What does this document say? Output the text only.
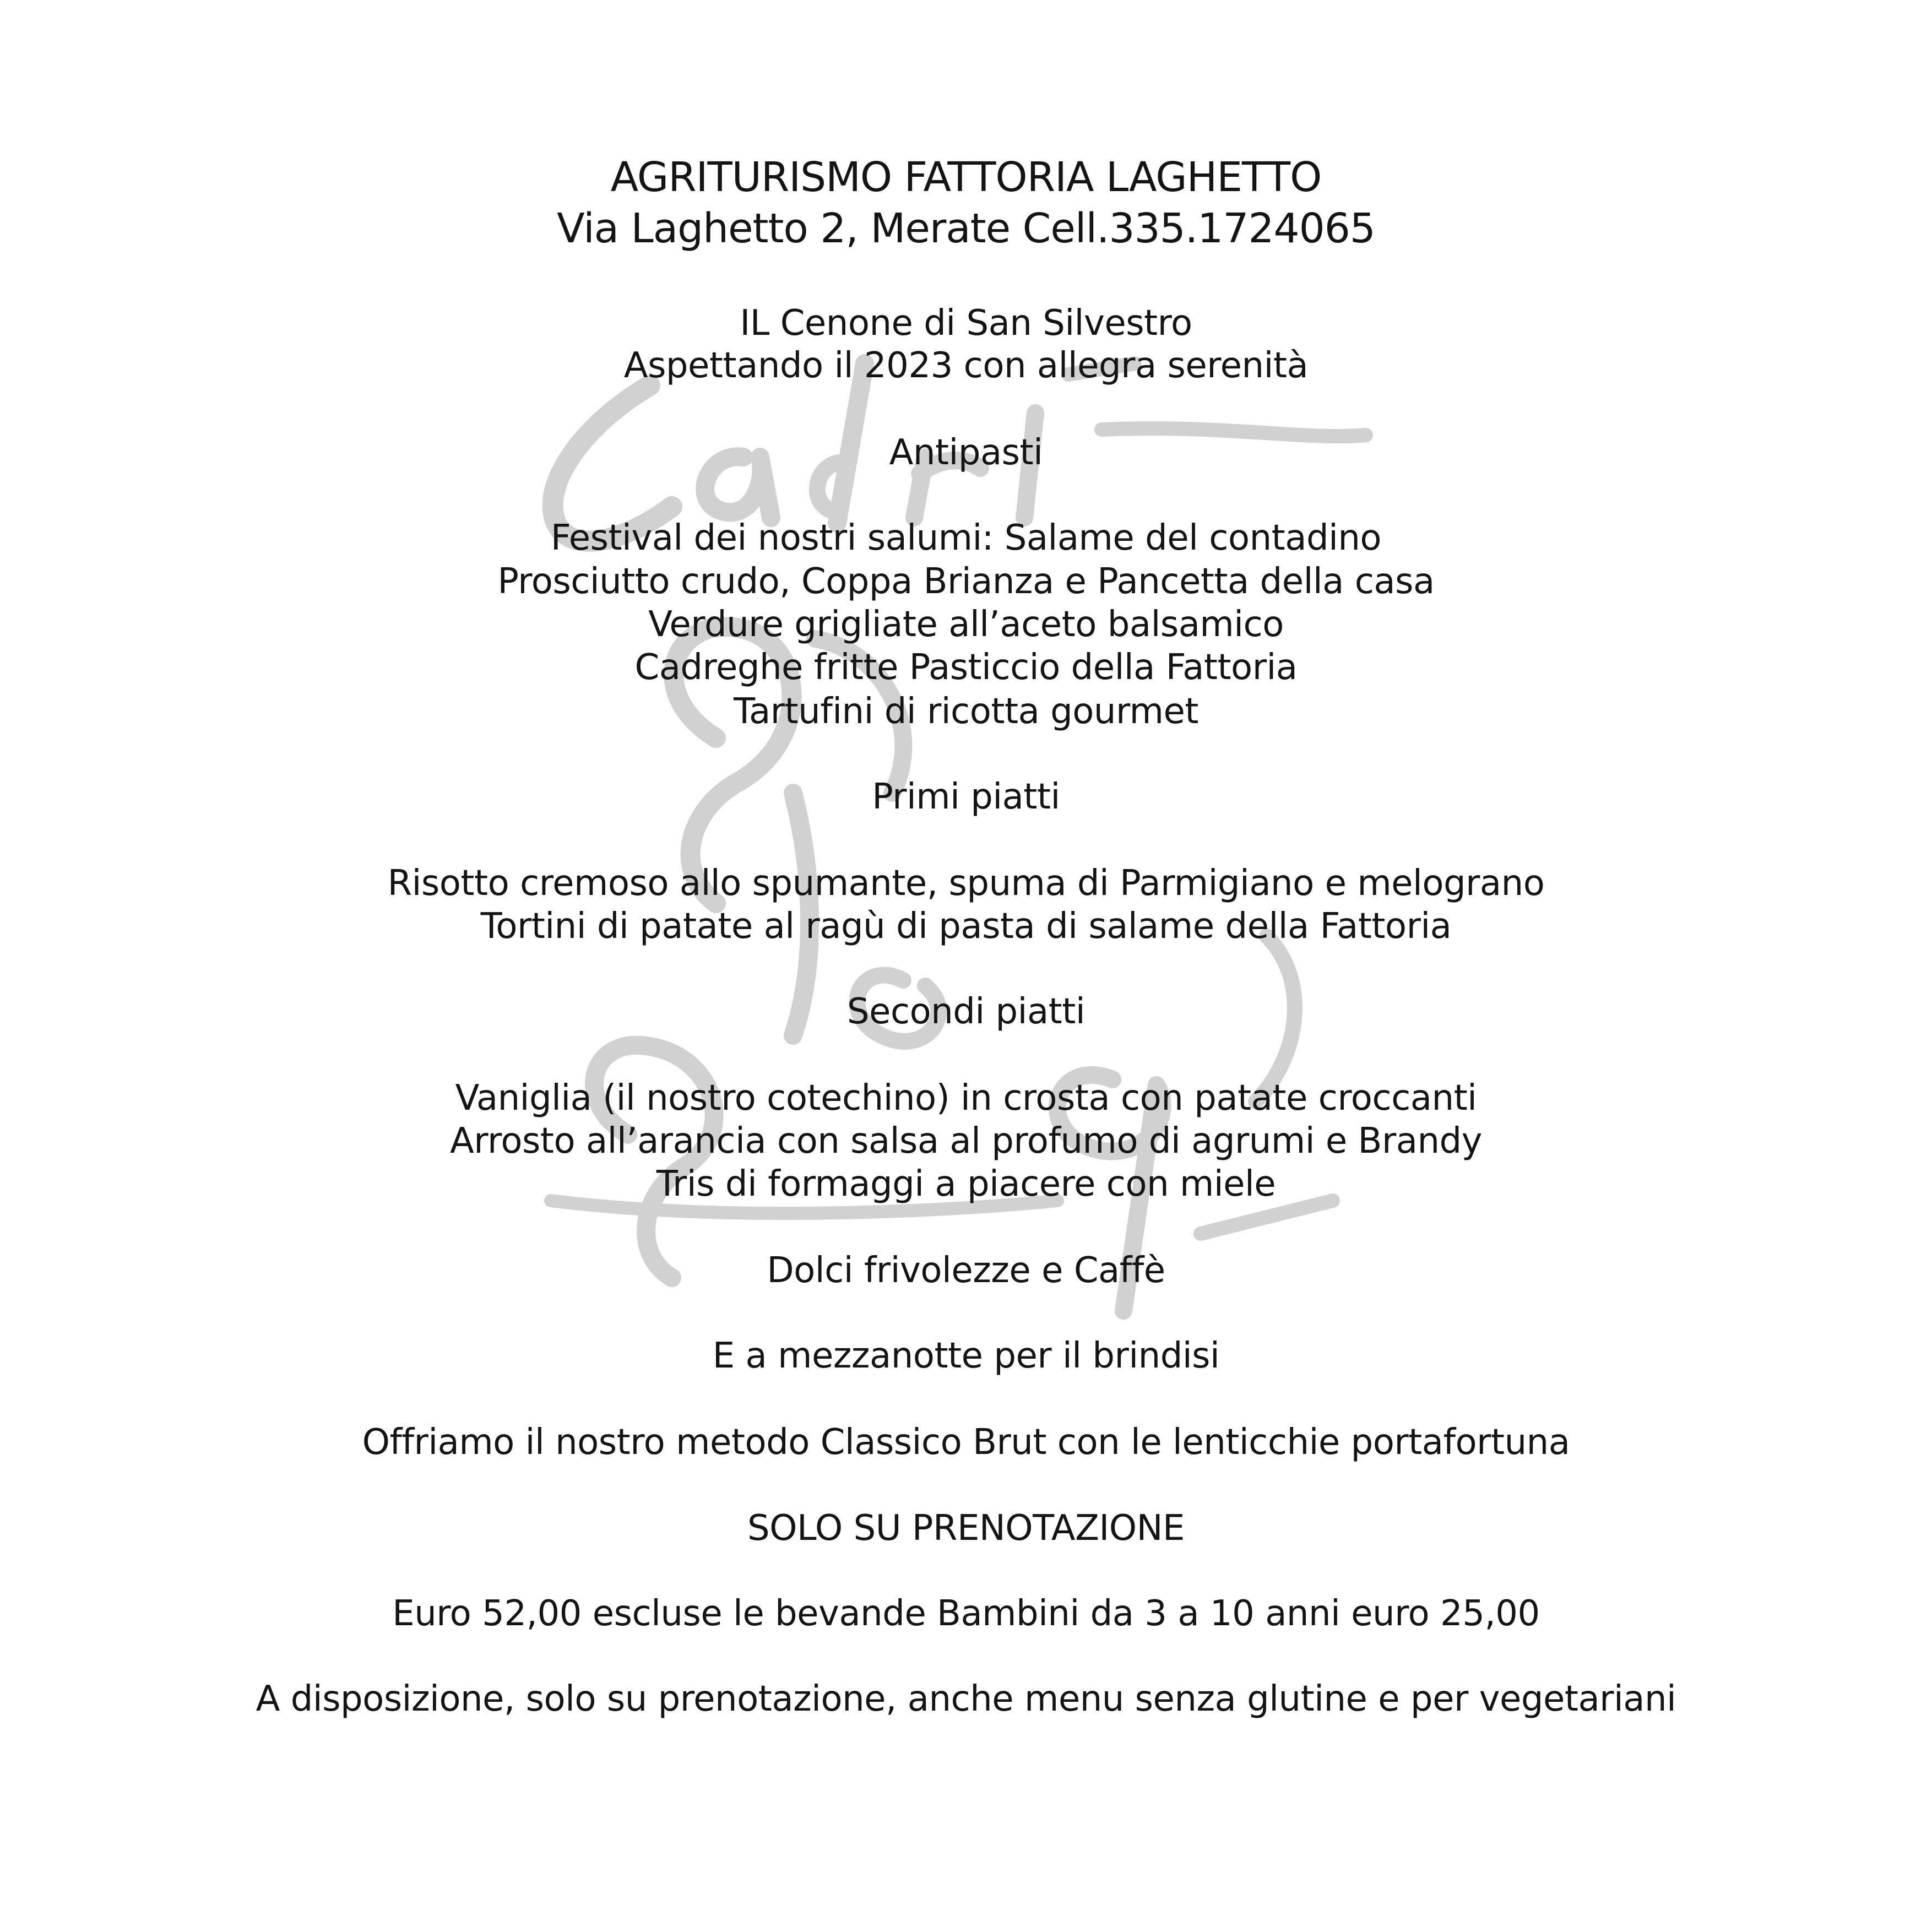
AGRITURISMO FATTORIA LAGHETTO
Via Laghetto 2, Merate Cell.335.1724065
IL Cenone di San Silvestro
Aspettando il 2023 con allegra serenità
Antipasti
Festival dei nostri salumi: Salame del contadino
Prosciutto crudo, Coppa Brianza e Pancetta della casa
Verdure grigliate all’aceto balsamico
Cadreghe fritte Pasticcio della Fattoria
Tartufini di ricotta gourmet
Primi piatti
Risotto cremoso allo spumante, spuma di Parmigiano e melograno
Tortini di patate al ragù di pasta di salame della Fattoria
Secondi piatti
Vaniglia (il nostro cotechino) in crosta con patate croccanti
Arrosto all’arancia con salsa al profumo di agrumi e Brandy
Tris di formaggi a piacere con miele
Dolci frivolezze e Caffè
E a mezzanotte per il brindisi
Offriamo il nostro metodo Classico Brut con le lenticchie portafortuna
SOLO SU PRENOTAZIONE
Euro 52,00 escluse le bevande Bambini da 3 a 10 anni euro 25,00
A disposizione, solo su prenotazione, anche menu senza glutine e per vegetariani
